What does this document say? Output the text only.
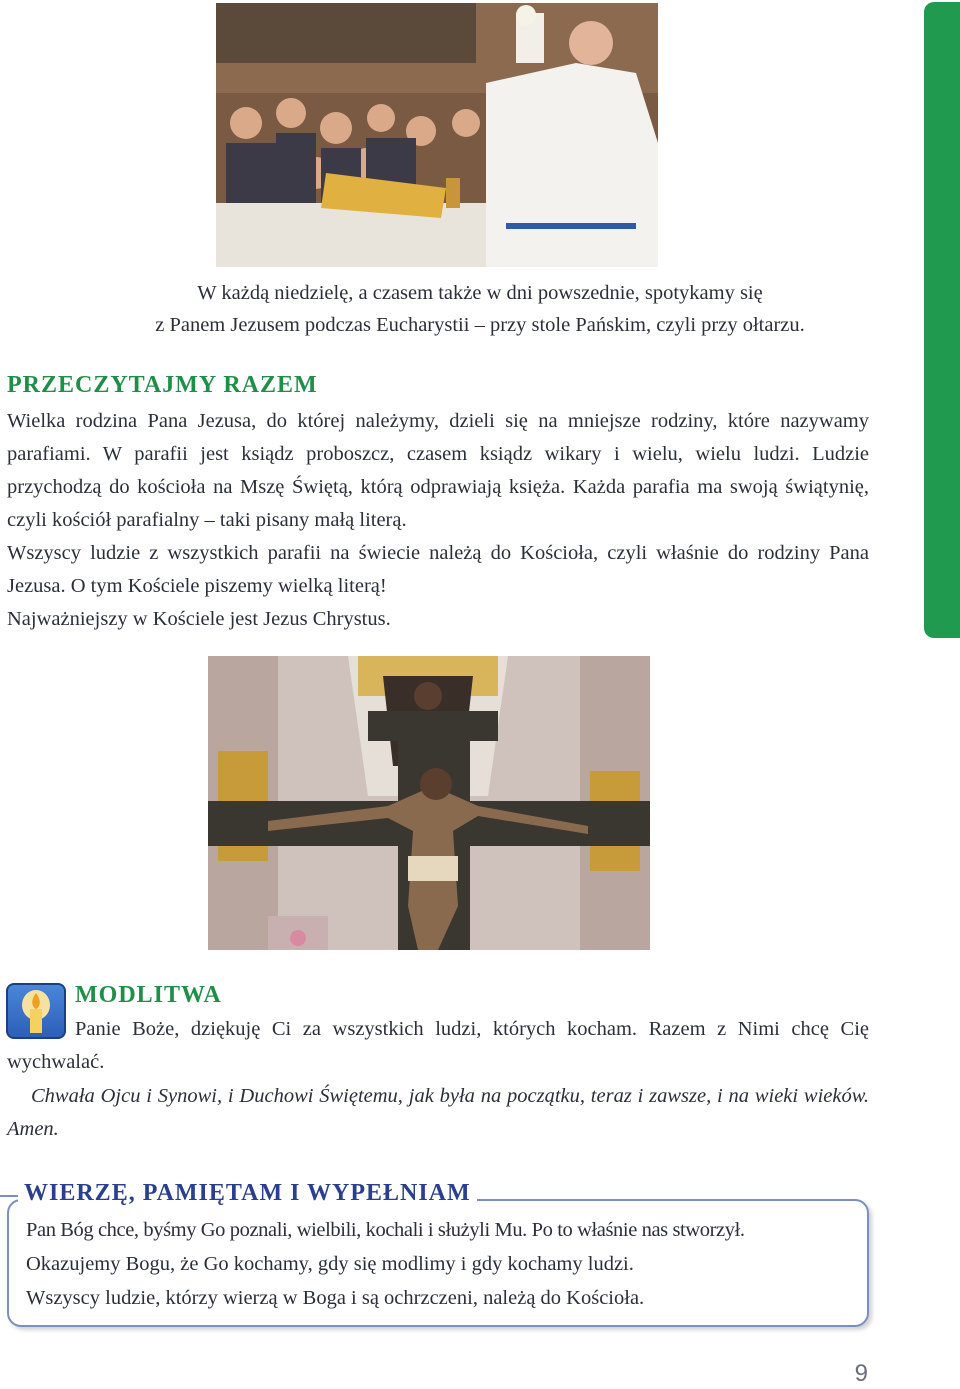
W każdą niedzielę, a czasem także w dni powszednie, spotykamy się
z Panem Jezusem podczas Eucharystii – przy stole Pańskim, czyli przy ołtarzu.
PRZECZYTAJMY RAZEM

Wielka rodzina Pana Jezusa, do której należymy, dzieli się na mniejsze rodziny, które nazywamy parafiami. W parafii jest ksiądz proboszcz, czasem ksiądz wikary i wielu, wielu ludzi. Ludzie przychodzą do kościoła na Mszę Świętą, którą odprawiają księża. Każda parafia ma swoją świątynię, czyli kościół parafialny – taki pisany małą literą.

Wszyscy ludzie z wszystkich parafii na świecie należą do Kościoła, czyli właśnie do rodziny Pana Jezusa. O tym Kościele piszemy wielką literą!

Najważniejszy w Kościele jest Jezus Chrystus.

MODLITWA
Panie Boże, dziękuję Ci za wszystkich ludzi, których kocham. Razem z Nimi chcę Cię wychwalać.
Chwała Ojcu i Synowi, i Duchowi Świętemu, jak była na początku, teraz i zawsze, i na wieki wieków. Amen.
WIERZĘ, PAMIĘTAM I WYPEŁNIAM
Pan Bóg chce, byśmy Go poznali, wielbili, kochali i służyli Mu. Po to właśnie nas stworzył.
Okazujemy Bogu, że Go kochamy, gdy się modlimy i gdy kochamy ludzi.
Wszyscy ludzie, którzy wierzą w Boga i są ochrzczeni, należą do Kościoła.
9
